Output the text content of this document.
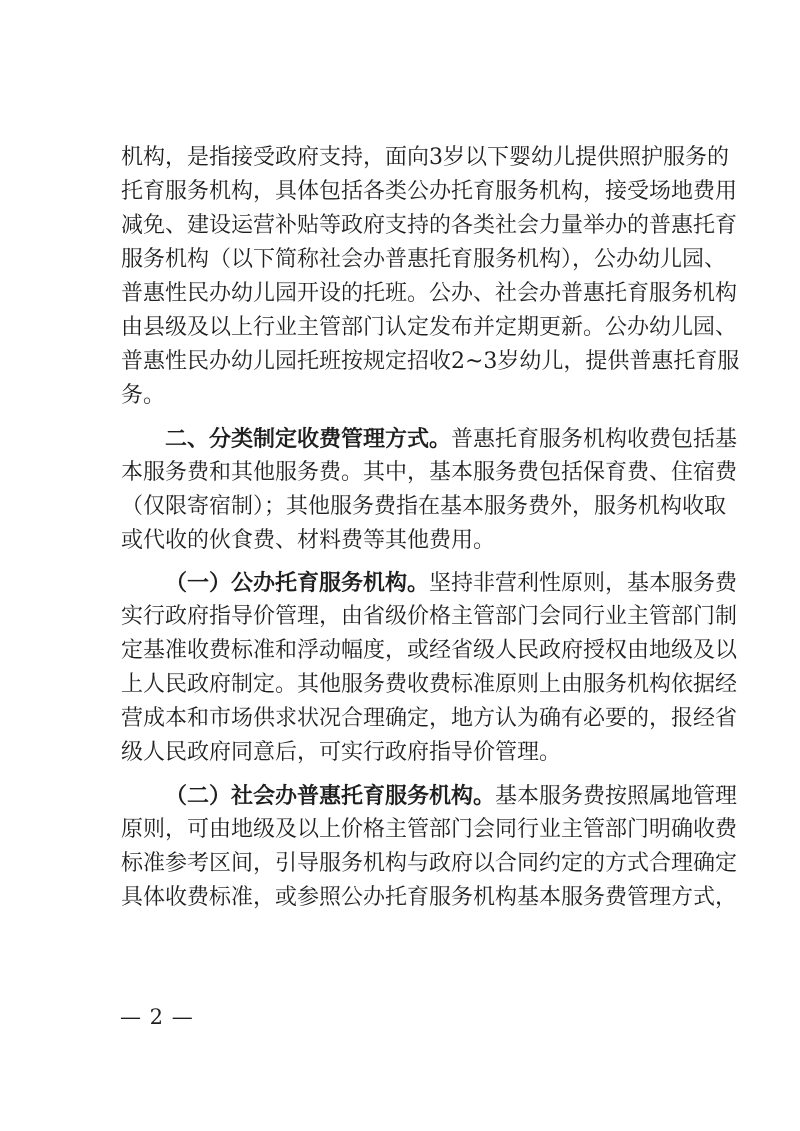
机构，是指接受政府支持，面向3岁以下婴幼儿提供照护服务的
托育服务机构，具体包括各类公办托育服务机构，接受场地费用
减免、建设运营补贴等政府支持的各类社会力量举办的普惠托育
服务机构（以下简称社会办普惠托育服务机构），公办幼儿园、
普惠性民办幼儿园开设的托班。公办、社会办普惠托育服务机构
由县级及以上行业主管部门认定发布并定期更新。公办幼儿园、
普惠性民办幼儿园托班按规定招收2~3岁幼儿，提供普惠托育服
务。
二、分类制定收费管理方式。普惠托育服务机构收费包括基
本服务费和其他服务费。其中，基本服务费包括保育费、住宿费
（仅限寄宿制）；其他服务费指在基本服务费外，服务机构收取
或代收的伙食费、材料费等其他费用。
（一）公办托育服务机构。坚持非营利性原则，基本服务费
实行政府指导价管理，由省级价格主管部门会同行业主管部门制
定基准收费标准和浮动幅度，或经省级人民政府授权由地级及以
上人民政府制定。其他服务费收费标准原则上由服务机构依据经
营成本和市场供求状况合理确定，地方认为确有必要的，报经省
级人民政府同意后，可实行政府指导价管理。
（二）社会办普惠托育服务机构。基本服务费按照属地管理
原则，可由地级及以上价格主管部门会同行业主管部门明确收费
标准参考区间，引导服务机构与政府以合同约定的方式合理确定
具体收费标准，或参照公办托育服务机构基本服务费管理方式，
— 2 —
